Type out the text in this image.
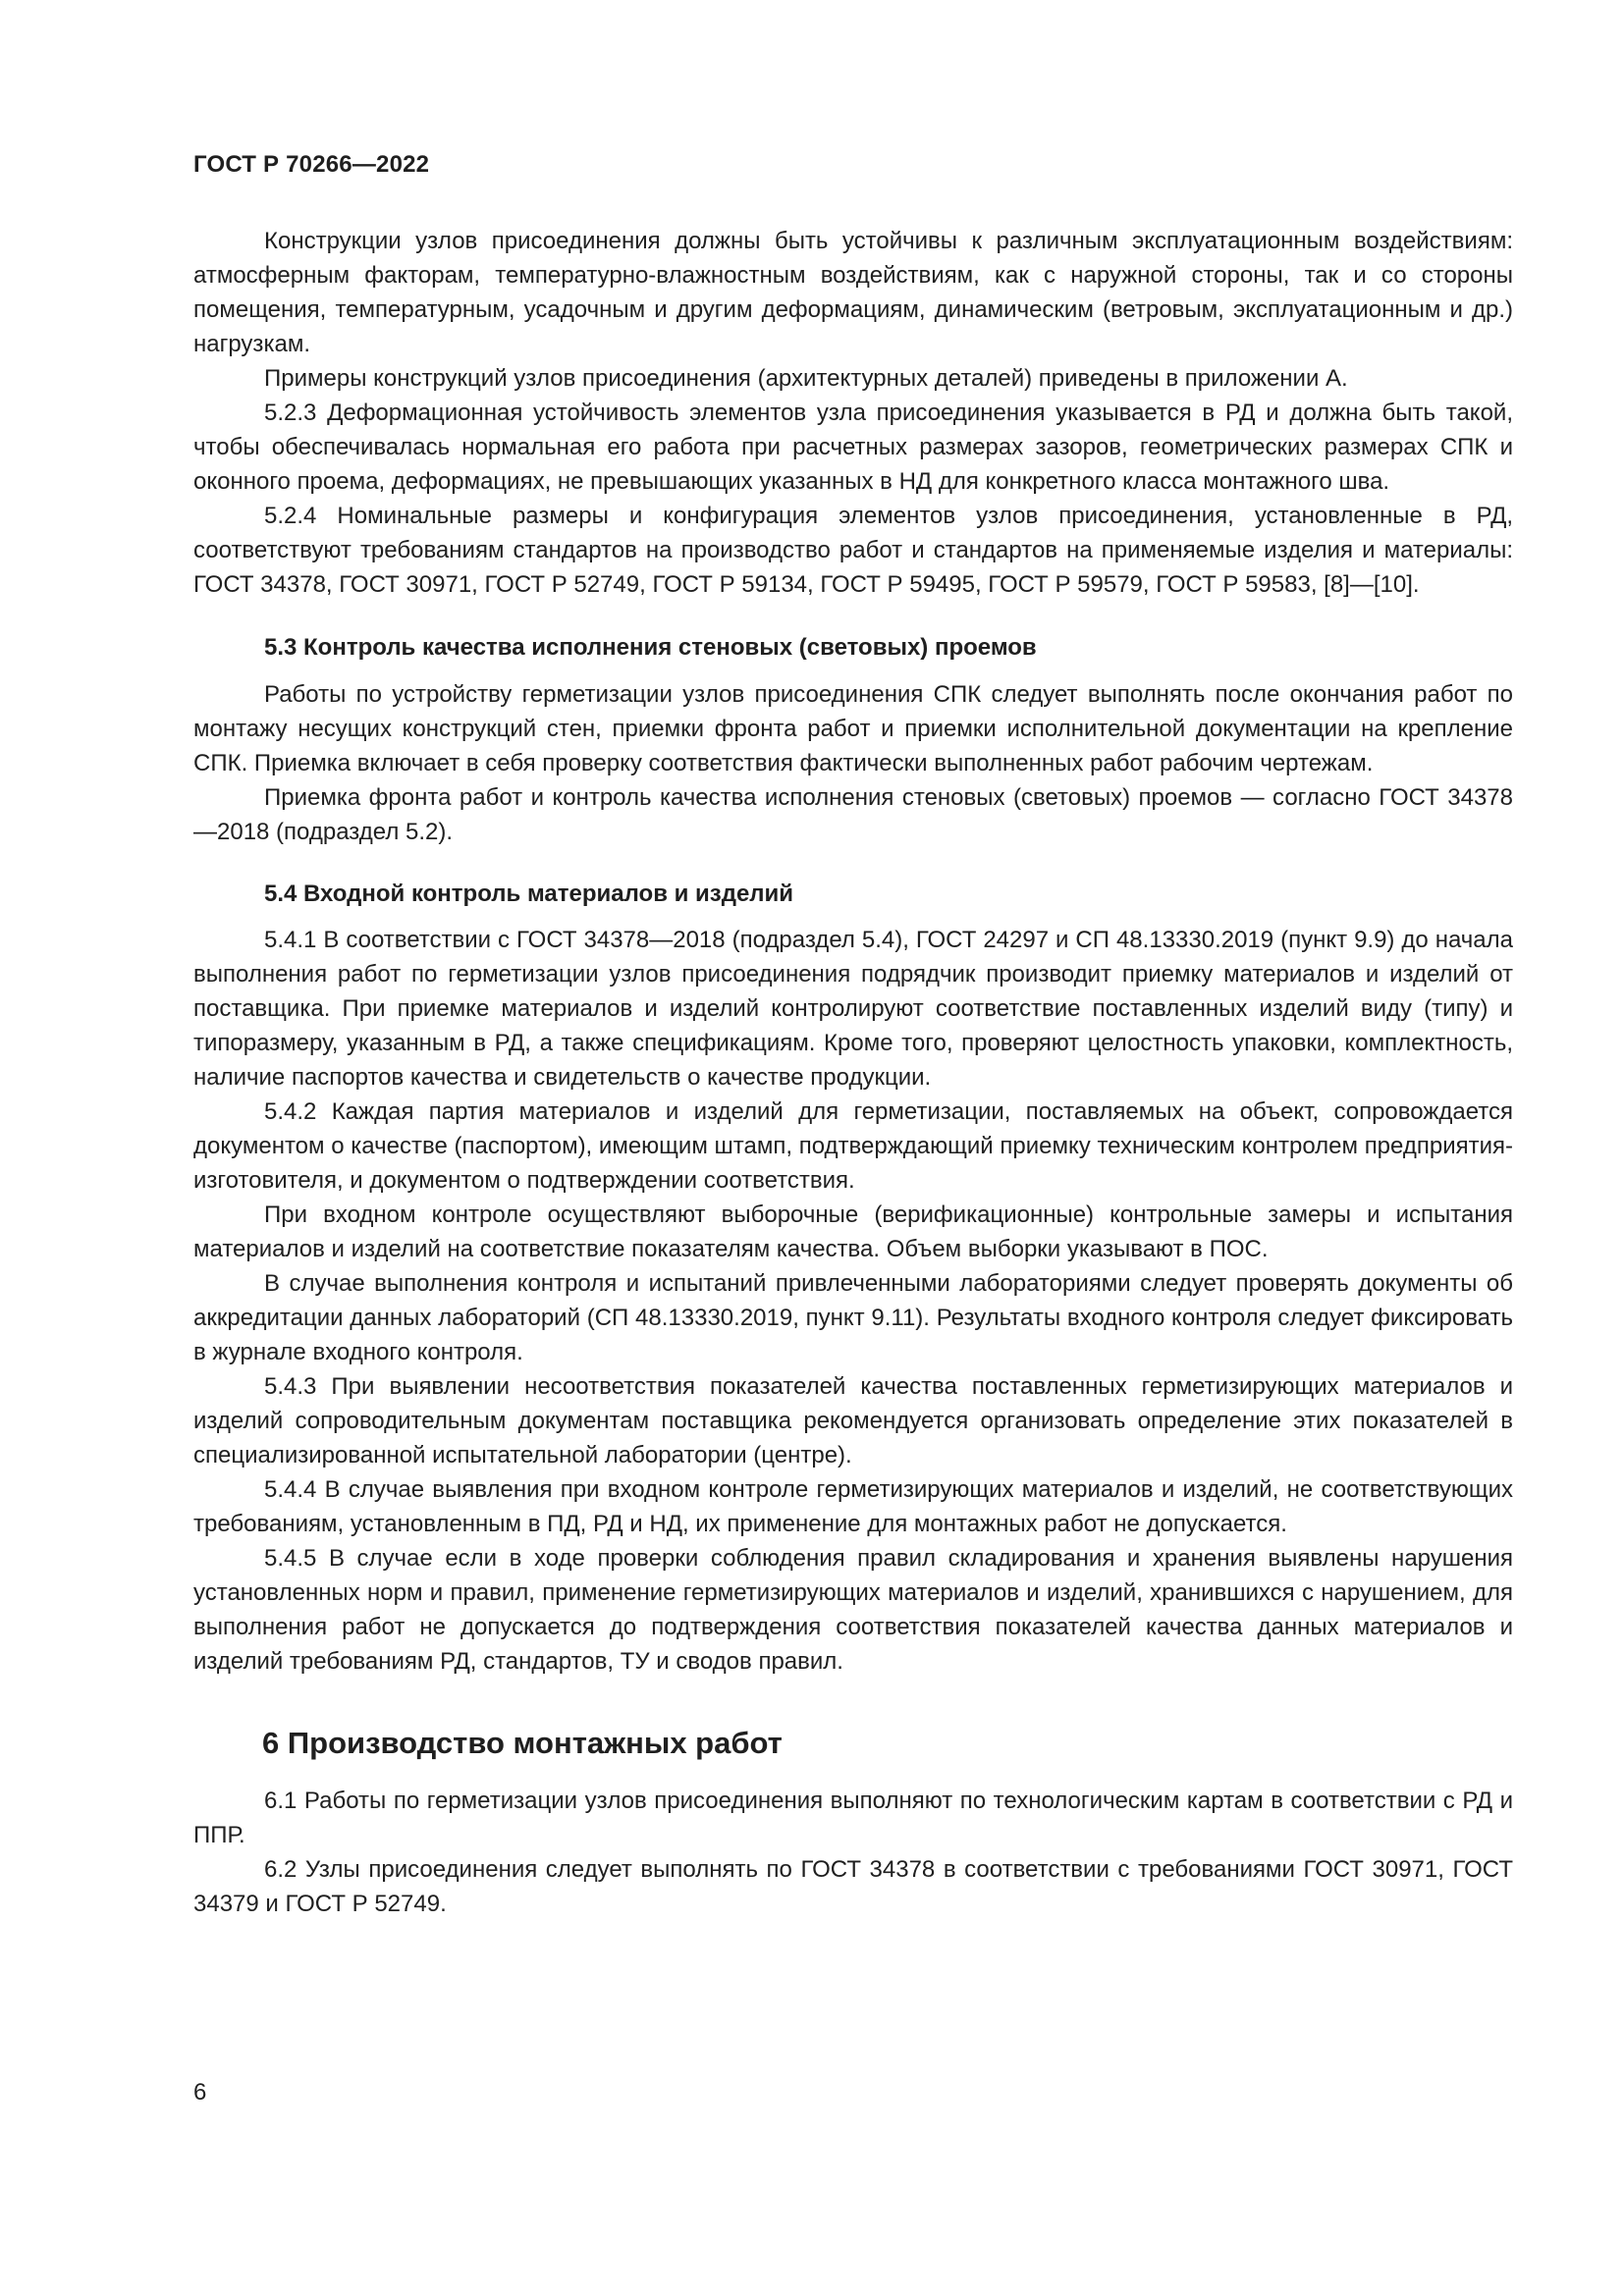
ГОСТ Р 70266—2022

Конструкции узлов присоединения должны быть устойчивы к различным эксплуатационным воздействиям: атмосферным факторам, температурно-влажностным воздействиям, как с наружной стороны, так и со стороны помещения, температурным, усадочным и другим деформациям, динамическим (ветровым, эксплуатационным и др.) нагрузкам.

Примеры конструкций узлов присоединения (архитектурных деталей) приведены в приложении А.

5.2.3 Деформационная устойчивость элементов узла присоединения указывается в РД и должна быть такой, чтобы обеспечивалась нормальная его работа при расчетных размерах зазоров, геометрических размерах СПК и оконного проема, деформациях, не превышающих указанных в НД для конкретного класса монтажного шва.

5.2.4 Номинальные размеры и конфигурация элементов узлов присоединения, установленные в РД, соответствуют требованиям стандартов на производство работ и стандартов на применяемые изделия и материалы: ГОСТ 34378, ГОСТ 30971, ГОСТ Р 52749, ГОСТ Р 59134, ГОСТ Р 59495, ГОСТ Р 59579, ГОСТ Р 59583, [8]—[10].

5.3 Контроль качества исполнения стеновых (световых) проемов

Работы по устройству герметизации узлов присоединения СПК следует выполнять после окончания работ по монтажу несущих конструкций стен, приемки фронта работ и приемки исполнительной документации на крепление СПК. Приемка включает в себя проверку соответствия фактически выполненных работ рабочим чертежам.

Приемка фронта работ и контроль качества исполнения стеновых (световых) проемов — согласно ГОСТ 34378—2018 (подраздел 5.2).

5.4 Входной контроль материалов и изделий

5.4.1 В соответствии с ГОСТ 34378—2018 (подраздел 5.4), ГОСТ 24297 и СП 48.13330.2019 (пункт 9.9) до начала выполнения работ по герметизации узлов присоединения подрядчик производит приемку материалов и изделий от поставщика. При приемке материалов и изделий контролируют соответствие поставленных изделий виду (типу) и типоразмеру, указанным в РД, а также спецификациям. Кроме того, проверяют целостность упаковки, комплектность, наличие паспортов качества и свидетельств о качестве продукции.

5.4.2 Каждая партия материалов и изделий для герметизации, поставляемых на объект, сопровождается документом о качестве (паспортом), имеющим штамп, подтверждающий приемку техническим контролем предприятия-изготовителя, и документом о подтверждении соответствия.

При входном контроле осуществляют выборочные (верификационные) контрольные замеры и испытания материалов и изделий на соответствие показателям качества. Объем выборки указывают в ПОС.

В случае выполнения контроля и испытаний привлеченными лабораториями следует проверять документы об аккредитации данных лабораторий (СП 48.13330.2019, пункт 9.11). Результаты входного контроля следует фиксировать в журнале входного контроля.

5.4.3 При выявлении несоответствия показателей качества поставленных герметизирующих материалов и изделий сопроводительным документам поставщика рекомендуется организовать определение этих показателей в специализированной испытательной лаборатории (центре).

5.4.4 В случае выявления при входном контроле герметизирующих материалов и изделий, не соответствующих требованиям, установленным в ПД, РД и НД, их применение для монтажных работ не допускается.

5.4.5 В случае если в ходе проверки соблюдения правил складирования и хранения выявлены нарушения установленных норм и правил, применение герметизирующих материалов и изделий, хранившихся с нарушением, для выполнения работ не допускается до подтверждения соответствия показателей качества данных материалов и изделий требованиям РД, стандартов, ТУ и сводов правил.

6 Производство монтажных работ

6.1 Работы по герметизации узлов присоединения выполняют по технологическим картам в соответствии с РД и ППР.

6.2 Узлы присоединения следует выполнять по ГОСТ 34378 в соответствии с требованиями ГОСТ 30971, ГОСТ 34379 и ГОСТ Р 52749.

6
